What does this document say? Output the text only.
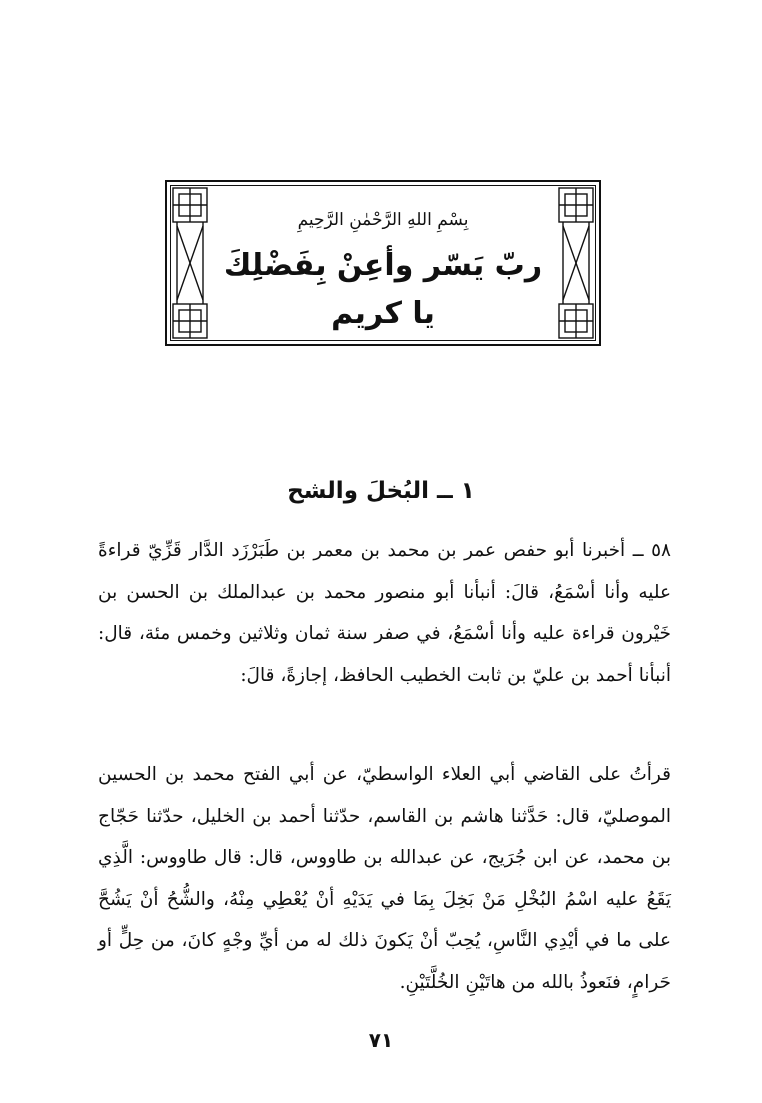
بِسْمِ اللهِ الرَّحْمٰنِ الرَّحِيمِ
ربّ يَسّر وأعِنْ بِفَضْلِكَ
يا كريم
١ ــ البُخلَ والشح

٥٨ ــ أخبرنا أبو حفص عمر بن محمد بن معمر بن طَبَرْزَد الدَّار قَزِّيّ قراءةً عليه وأنا أسْمَعُ، قالَ: أنبأنا أبو منصور محمد بن عبدالملك بن الحسن بن خَيْرون قراءة عليه وأنا أسْمَعُ، في صفر سنة ثمان وثلاثين وخمس مئة، قال: أنبأنا أحمد بن عليّ بن ثابت الخطيب الحافظ، إجازةً، قالَ:

قرأتُ على القاضي أبي العلاء الواسطيّ، عن أبي الفتح محمد بن الحسين الموصليّ، قال: حَدَّثنا هاشم بن القاسم، حدّثنا أحمد بن الخليل، حدّثنا حَجّاج بن محمد، عن ابن جُرَيج، عن عبدالله بن طاووس، قال: قال طاووس: الَّذِي يَقَعُ عليه اسْمُ البُخْلِ مَنْ بَخِلَ بِمَا في يَدَيْهِ أنْ يُعْطِي مِنْهُ، والشُّحُ أنْ يَشُحَّ على ما في أيْدِي النَّاسِ، يُحِبّ أنْ يَكونَ ذلك له من أيِّ وجْهٍ كانَ، من حِلٍّ أو حَرامٍ، فنَعوذُ بالله من هاتَيْنِ الخُلَّتَيْنِ.

٧١
